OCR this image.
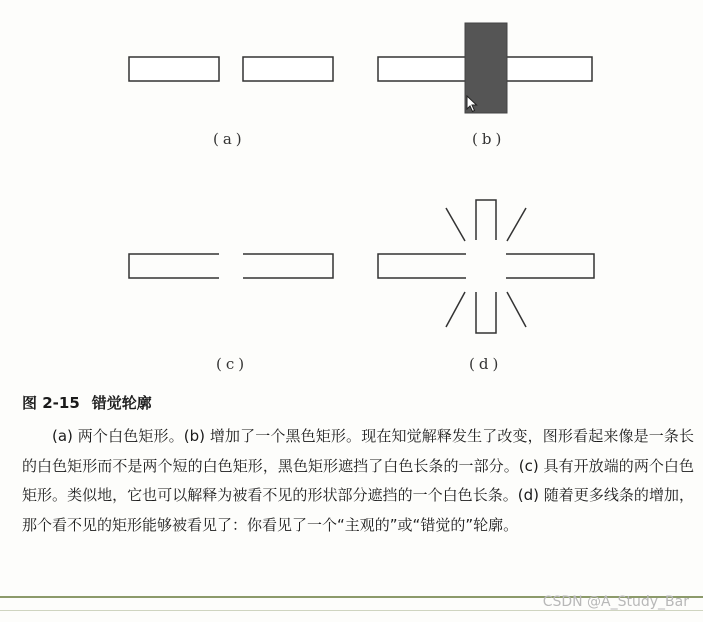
(a)	(b)
(c)	(d)
图 2-15 错觉轮廓
(a) 两个白色矩形。(b) 增加了一个黑色矩形。现在知觉解释发生了改变，图形看起来像是一条长的白色矩形而不是两个短的白色矩形，黑色矩形遮挡了白色长条的一部分。(c) 具有开放端的两个白色矩形。类似地，它也可以解释为被看不见的形状部分遮挡的一个白色长条。(d) 随着更多线条的增加，那个看不见的矩形能够被看见了：你看见了一个“主观的”或“错觉的”轮廓。
CSDN @A_Study_Bar
